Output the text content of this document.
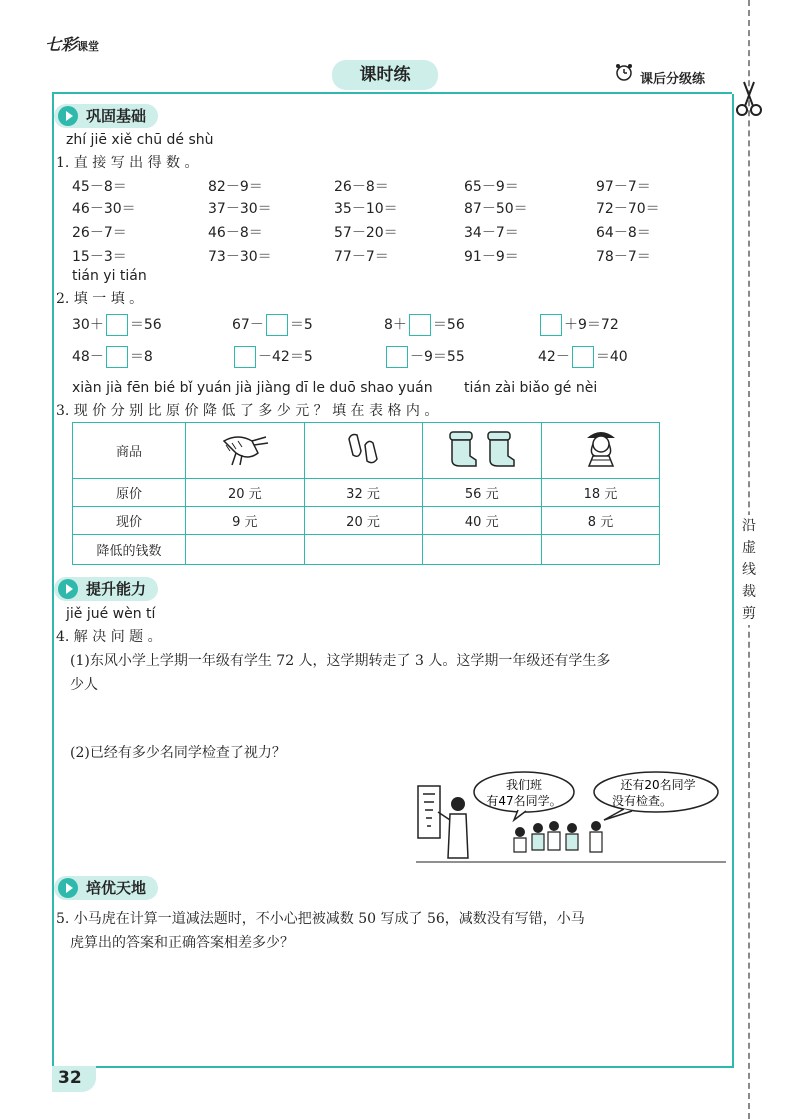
七彩课堂
课时练	课后分级练
沿虚线裁剪
巩固基础
zhí jiē xiě chū dé shù
1. 直 接 写 出 得 数 。
45－8＝	82－9＝	26－8＝	65－9＝	97－7＝
46－30＝	37－30＝	35－10＝	87－50＝	72－70＝
26－7＝	46－8＝	57－20＝	34－7＝	64－8＝
15－3＝	73－30＝	77－7＝	91－9＝	78－7＝
tián yi tián
2. 填 一 填 。
30＋ ＝56	67－ ＝5	8＋ ＝56	＋9＝72
48－ ＝8	－42＝5	－9＝55	42－ ＝40
xiàn jià fēn bié bǐ yuán jià jiàng dī le duō shao yuán tián zài biǎo gé nèi
3. 现 价 分 别 比 原 价 降 低 了 多 少 元 ？ 填 在 表 格 内 。
商品				
原价	20 元	32 元	56 元	18 元
现价	9 元	20 元	40 元	8 元
降低的钱数				
提升能力
jiě jué wèn tí
4. 解 决 问 题 。
(1)东风小学上学期一年级有学生 72 人，这学期转走了 3 人。这学期一年级还有学生多
少人
(2)已经有多少名同学检查了视力？
我们班
有47名同学。
还有20名同学
没有检查。
培优天地
5. 小马虎在计算一道减法题时，不小心把被减数 50 写成了 56，减数没有写错，小马
虎算出的答案和正确答案相差多少？
32
